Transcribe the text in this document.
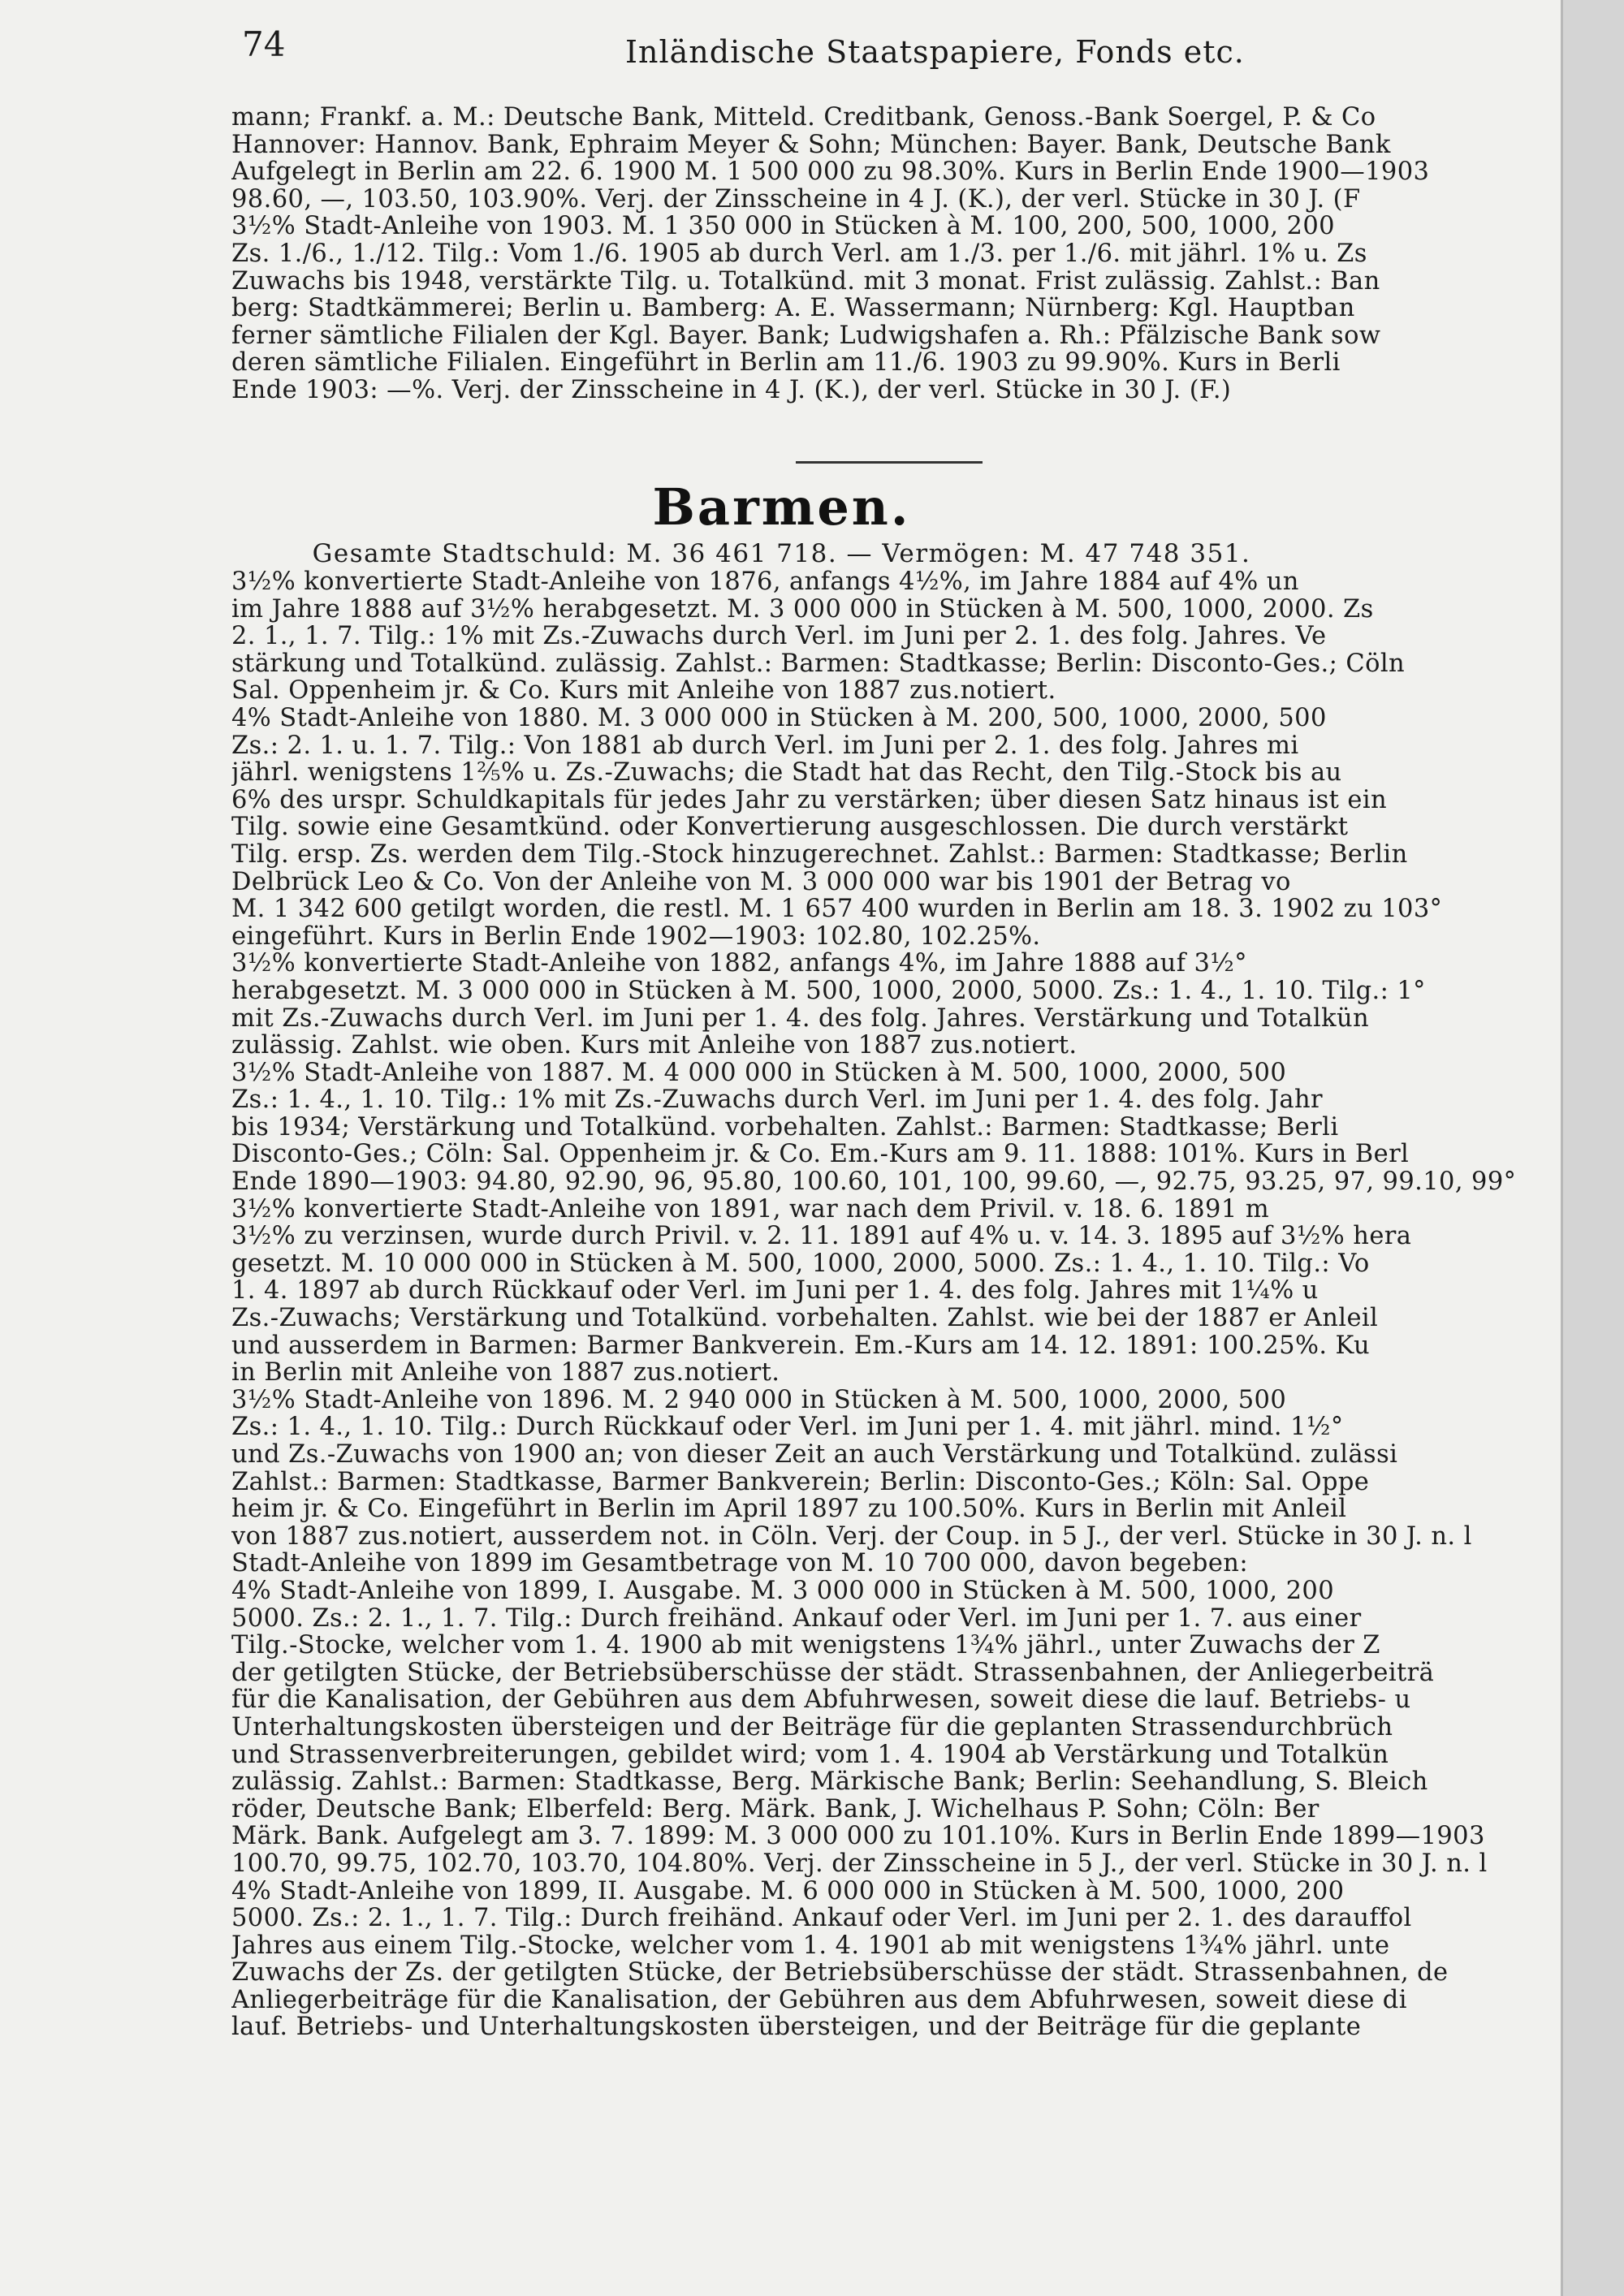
74	Inländische Staatspapiere, Fonds etc.
mann; Frankf. a. M.: Deutsche Bank, Mitteld. Creditbank, Genoss.-Bank Soergel, P. & Co
Hannover: Hannov. Bank, Ephraim Meyer & Sohn; München: Bayer. Bank, Deutsche Bank
Aufgelegt in Berlin am 22. 6. 1900 M. 1 500 000 zu 98.30%. Kurs in Berlin Ende 1900—1903
98.60, —, 103.50, 103.90%. Verj. der Zinsscheine in 4 J. (K.), der verl. Stücke in 30 J. (F
3½% Stadt-Anleihe von 1903. M. 1 350 000 in Stücken à M. 100, 200, 500, 1000, 200
Zs. 1./6., 1./12. Tilg.: Vom 1./6. 1905 ab durch Verl. am 1./3. per 1./6. mit jährl. 1% u. Zs
Zuwachs bis 1948, verstärkte Tilg. u. Totalkünd. mit 3 monat. Frist zulässig. Zahlst.: Ban
berg: Stadtkämmerei; Berlin u. Bamberg: A. E. Wassermann; Nürnberg: Kgl. Hauptban
ferner sämtliche Filialen der Kgl. Bayer. Bank; Ludwigshafen a. Rh.: Pfälzische Bank sow
deren sämtliche Filialen. Eingeführt in Berlin am 11./6. 1903 zu 99.90%. Kurs in Berli
Ende 1903: —%. Verj. der Zinsscheine in 4 J. (K.), der verl. Stücke in 30 J. (F.)
Barmen.
Gesamte Stadtschuld: M. 36 461 718. — Vermögen: M. 47 748 351.
3½% konvertierte Stadt-Anleihe von 1876, anfangs 4½%, im Jahre 1884 auf 4% un
im Jahre 1888 auf 3½% herabgesetzt. M. 3 000 000 in Stücken à M. 500, 1000, 2000. Zs
2. 1., 1. 7. Tilg.: 1% mit Zs.-Zuwachs durch Verl. im Juni per 2. 1. des folg. Jahres. Ve
stärkung und Totalkünd. zulässig. Zahlst.: Barmen: Stadtkasse; Berlin: Disconto-Ges.; Cöln
Sal. Oppenheim jr. & Co. Kurs mit Anleihe von 1887 zus.notiert.
4% Stadt-Anleihe von 1880. M. 3 000 000 in Stücken à M. 200, 500, 1000, 2000, 500
Zs.: 2. 1. u. 1. 7. Tilg.: Von 1881 ab durch Verl. im Juni per 2. 1. des folg. Jahres mi
jährl. wenigstens 1⅖% u. Zs.-Zuwachs; die Stadt hat das Recht, den Tilg.-Stock bis au
6% des urspr. Schuldkapitals für jedes Jahr zu verstärken; über diesen Satz hinaus ist ein
Tilg. sowie eine Gesamtkünd. oder Konvertierung ausgeschlossen. Die durch verstärkt
Tilg. ersp. Zs. werden dem Tilg.-Stock hinzugerechnet. Zahlst.: Barmen: Stadtkasse; Berlin
Delbrück Leo & Co. Von der Anleihe von M. 3 000 000 war bis 1901 der Betrag vo
M. 1 342 600 getilgt worden, die restl. M. 1 657 400 wurden in Berlin am 18. 3. 1902 zu 103°
eingeführt. Kurs in Berlin Ende 1902—1903: 102.80, 102.25%.
3½% konvertierte Stadt-Anleihe von 1882, anfangs 4%, im Jahre 1888 auf 3½°
herabgesetzt. M. 3 000 000 in Stücken à M. 500, 1000, 2000, 5000. Zs.: 1. 4., 1. 10. Tilg.: 1°
mit Zs.-Zuwachs durch Verl. im Juni per 1. 4. des folg. Jahres. Verstärkung und Totalkün
zulässig. Zahlst. wie oben. Kurs mit Anleihe von 1887 zus.notiert.
3½% Stadt-Anleihe von 1887. M. 4 000 000 in Stücken à M. 500, 1000, 2000, 500
Zs.: 1. 4., 1. 10. Tilg.: 1% mit Zs.-Zuwachs durch Verl. im Juni per 1. 4. des folg. Jahr
bis 1934; Verstärkung und Totalkünd. vorbehalten. Zahlst.: Barmen: Stadtkasse; Berli
Disconto-Ges.; Cöln: Sal. Oppenheim jr. & Co. Em.-Kurs am 9. 11. 1888: 101%. Kurs in Berl
Ende 1890—1903: 94.80, 92.90, 96, 95.80, 100.60, 101, 100, 99.60, —, 92.75, 93.25, 97, 99.10, 99°
3½% konvertierte Stadt-Anleihe von 1891, war nach dem Privil. v. 18. 6. 1891 m
3½% zu verzinsen, wurde durch Privil. v. 2. 11. 1891 auf 4% u. v. 14. 3. 1895 auf 3½% hera
gesetzt. M. 10 000 000 in Stücken à M. 500, 1000, 2000, 5000. Zs.: 1. 4., 1. 10. Tilg.: Vo
1. 4. 1897 ab durch Rückkauf oder Verl. im Juni per 1. 4. des folg. Jahres mit 1¼% u
Zs.-Zuwachs; Verstärkung und Totalkünd. vorbehalten. Zahlst. wie bei der 1887 er Anleil
und ausserdem in Barmen: Barmer Bankverein. Em.-Kurs am 14. 12. 1891: 100.25%. Ku
in Berlin mit Anleihe von 1887 zus.notiert.
3½% Stadt-Anleihe von 1896. M. 2 940 000 in Stücken à M. 500, 1000, 2000, 500
Zs.: 1. 4., 1. 10. Tilg.: Durch Rückkauf oder Verl. im Juni per 1. 4. mit jährl. mind. 1½°
und Zs.-Zuwachs von 1900 an; von dieser Zeit an auch Verstärkung und Totalkünd. zulässi
Zahlst.: Barmen: Stadtkasse, Barmer Bankverein; Berlin: Disconto-Ges.; Köln: Sal. Oppe
heim jr. & Co. Eingeführt in Berlin im April 1897 zu 100.50%. Kurs in Berlin mit Anleil
von 1887 zus.notiert, ausserdem not. in Cöln. Verj. der Coup. in 5 J., der verl. Stücke in 30 J. n. l
Stadt-Anleihe von 1899 im Gesamtbetrage von M. 10 700 000, davon begeben:
4% Stadt-Anleihe von 1899, I. Ausgabe. M. 3 000 000 in Stücken à M. 500, 1000, 200
5000. Zs.: 2. 1., 1. 7. Tilg.: Durch freihänd. Ankauf oder Verl. im Juni per 1. 7. aus einer
Tilg.-Stocke, welcher vom 1. 4. 1900 ab mit wenigstens 1¾% jährl., unter Zuwachs der Z
der getilgten Stücke, der Betriebsüberschüsse der städt. Strassenbahnen, der Anliegerbeiträ
für die Kanalisation, der Gebühren aus dem Abfuhrwesen, soweit diese die lauf. Betriebs- u
Unterhaltungskosten übersteigen und der Beiträge für die geplanten Strassendurchbrüch
und Strassenverbreiterungen, gebildet wird; vom 1. 4. 1904 ab Verstärkung und Totalkün
zulässig. Zahlst.: Barmen: Stadtkasse, Berg. Märkische Bank; Berlin: Seehandlung, S. Bleich
röder, Deutsche Bank; Elberfeld: Berg. Märk. Bank, J. Wichelhaus P. Sohn; Cöln: Ber
Märk. Bank. Aufgelegt am 3. 7. 1899: M. 3 000 000 zu 101.10%. Kurs in Berlin Ende 1899—1903
100.70, 99.75, 102.70, 103.70, 104.80%. Verj. der Zinsscheine in 5 J., der verl. Stücke in 30 J. n. l
4% Stadt-Anleihe von 1899, II. Ausgabe. M. 6 000 000 in Stücken à M. 500, 1000, 200
5000. Zs.: 2. 1., 1. 7. Tilg.: Durch freihänd. Ankauf oder Verl. im Juni per 2. 1. des darauffol
Jahres aus einem Tilg.-Stocke, welcher vom 1. 4. 1901 ab mit wenigstens 1¾% jährl. unte
Zuwachs der Zs. der getilgten Stücke, der Betriebsüberschüsse der städt. Strassenbahnen, de
Anliegerbeiträge für die Kanalisation, der Gebühren aus dem Abfuhrwesen, soweit diese di
lauf. Betriebs- und Unterhaltungskosten übersteigen, und der Beiträge für die geplante
